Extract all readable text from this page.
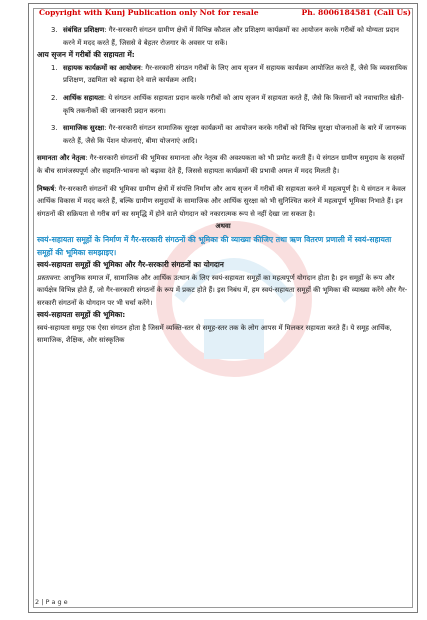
Copyright with Kunj Publication only Not for resale	Ph. 8006184581 (Call Us)
3. संबंधित प्रशिक्षण: गैर-सरकारी संगठन ग्रामीण क्षेत्रों में विभिन्न कौशल और प्रशिक्षण कार्यक्रमों का आयोजन करके गरीबों को योग्यता प्रदान करने में मदद करते हैं, जिससे वे बेहतर रोजगार के अवसर पा सकें।

आय सृजन में गरीबों की सहायता में:

1. सहायक कार्यक्रमों का आयोजन: गैर-सरकारी संगठन गरीबों के लिए आय सृजन में सहायक कार्यक्रम आयोजित करते हैं, जैसे कि व्यवसायिक प्रशिक्षण, उद्यमिता को बढ़ावा देने वाले कार्यक्रम आदि।
2. आर्थिक सहायता: ये संगठन आर्थिक सहायता प्रदान करके गरीबों को आय सृजन में सहायता करते हैं, जैसे कि किसानों को नवाचारित खेती-कृषि तकनीकों की जानकारी प्रदान करना।
3. सामाजिक सुरक्षा: गैर-सरकारी संगठन सामाजिक सुरक्षा कार्यक्रमों का आयोजन करके गरीबों को विभिन्न सुरक्षा योजनाओं के बारे में जागरूक करते हैं, जैसे कि पेंशन योजनाएं, बीमा योजनाएं आदि।

समानता और नेतृत्व: गैर-सरकारी संगठनों की भूमिका समानता और नेतृत्व की अवश्यकता को भी प्रमोट करती हैं। ये संगठन ग्रामीण समुदाय के सदस्यों के बीच सामंजस्यपूर्ण और सहमति-भावना को बढ़ावा देते हैं, जिससे सहायता कार्यक्रमों की प्रभावी अमल में मदद मिलती है।

निष्कर्ष: गैर-सरकारी संगठनों की भूमिका ग्रामीण क्षेत्रों में संपत्ति निर्माण और आय सृजन में गरीबों की सहायता करने में महत्वपूर्ण है। ये संगठन न केवल आर्थिक विकास में मदद करते हैं, बल्कि ग्रामीण समुदायों के सामाजिक और आर्थिक सुरक्षा को भी सुनिश्चित करने में महत्वपूर्ण भूमिका निभाते हैं। इन संगठनों की सक्रियता से गरीब वर्ग का समृद्धि में होने वाले योगदान को नकारात्मक रूप से नहीं देखा जा सकता है।

अथवा

स्वयं-सहायता समूहों के निर्माण में गैर-सरकारी संगठनों की भूमिका की व्याख्या कीजिए तथा ऋण वितरण प्रणाली में स्वयं-सहायता समूहों की भूमिका समझाइए।

स्वयं-सहायता समूहों की भूमिका और गैर-सरकारी संगठनों का योगदान

प्रस्तावना: आधुनिक समाज में, सामाजिक और आर्थिक उत्थान के लिए स्वयं-सहायता समूहों का महत्वपूर्ण योगदान होता है। इन समूहों के रूप और कार्यक्षेत्र विभिन्न होते हैं, जो गैर-सरकारी संगठनों के रूप में प्रकट होते हैं। इस निबंध में, हम स्वयं-सहायता समूहों की भूमिका की व्याख्या करेंगे और गैर-सरकारी संगठनों के योगदान पर भी चर्चा करेंगे।

स्वयं-सहायता समूहों की भूमिका:

स्वयं-सहायता समूह एक ऐसा संगठन होता है जिसमें व्यक्ति-स्तर से समूह-स्तर तक के लोग आपस में मिलकर सहायता करते हैं। ये समूह आर्थिक, सामाजिक, शैक्षिक, और सांस्कृतिक

2 | P a g e
